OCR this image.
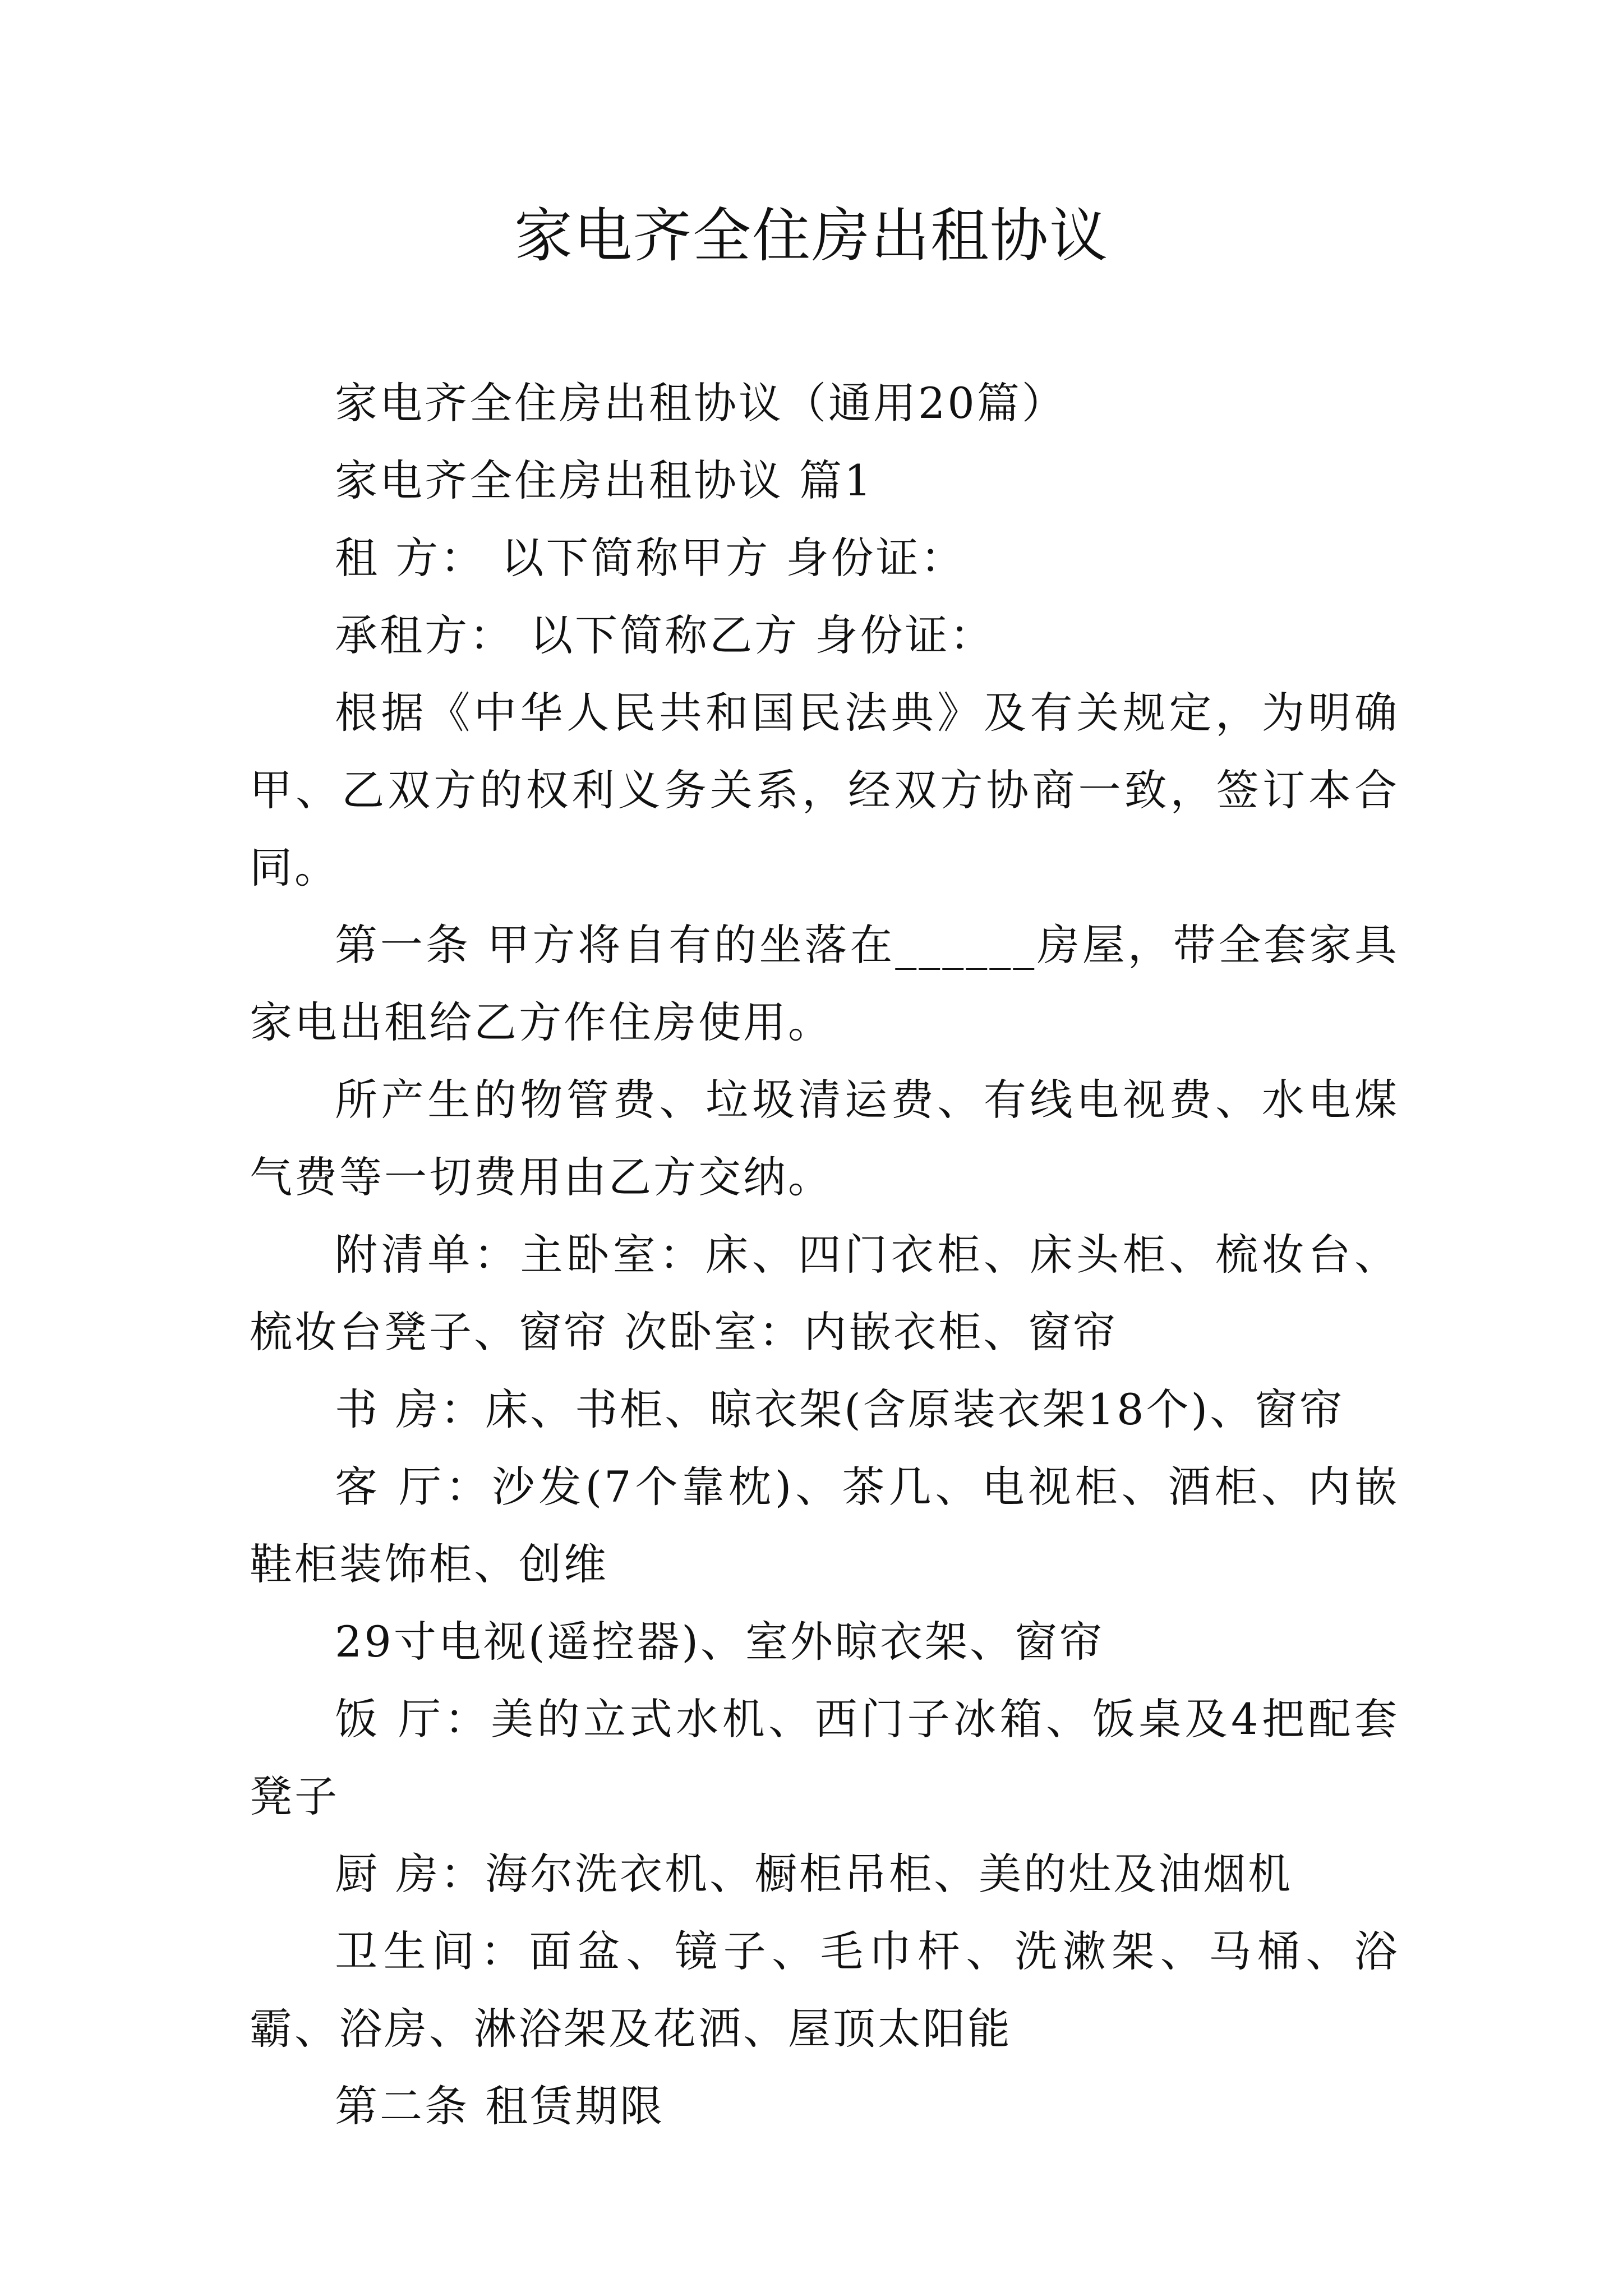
家电齐全住房出租协议

家电齐全住房出租协议（通用20篇）

家电齐全住房出租协议 篇1

租 方： 以下简称甲方 身份证：

承租方： 以下简称乙方 身份证：

根据《中华人民共和国民法典》及有关规定，为明确甲、乙双方的权利义务关系，经双方协商一致，签订本合同。

第一条 甲方将自有的坐落在______房屋，带全套家具家电出租给乙方作住房使用。

所产生的物管费、垃圾清运费、有线电视费、水电煤气费等一切费用由乙方交纳。

附清单：主卧室：床、四门衣柜、床头柜、梳妆台、梳妆台凳子、窗帘 次卧室：内嵌衣柜、窗帘

书 房：床、书柜、晾衣架(含原装衣架18个)、窗帘

客 厅：沙发(7个靠枕)、茶几、电视柜、酒柜、内嵌鞋柜装饰柜、创维

29寸电视(遥控器)、室外晾衣架、窗帘

饭 厅：美的立式水机、西门子冰箱、饭桌及4把配套凳子

厨 房：海尔洗衣机、橱柜吊柜、美的灶及油烟机

卫生间：面盆、镜子、毛巾杆、洗漱架、马桶、浴霸、浴房、淋浴架及花洒、屋顶太阳能

第二条 租赁期限
